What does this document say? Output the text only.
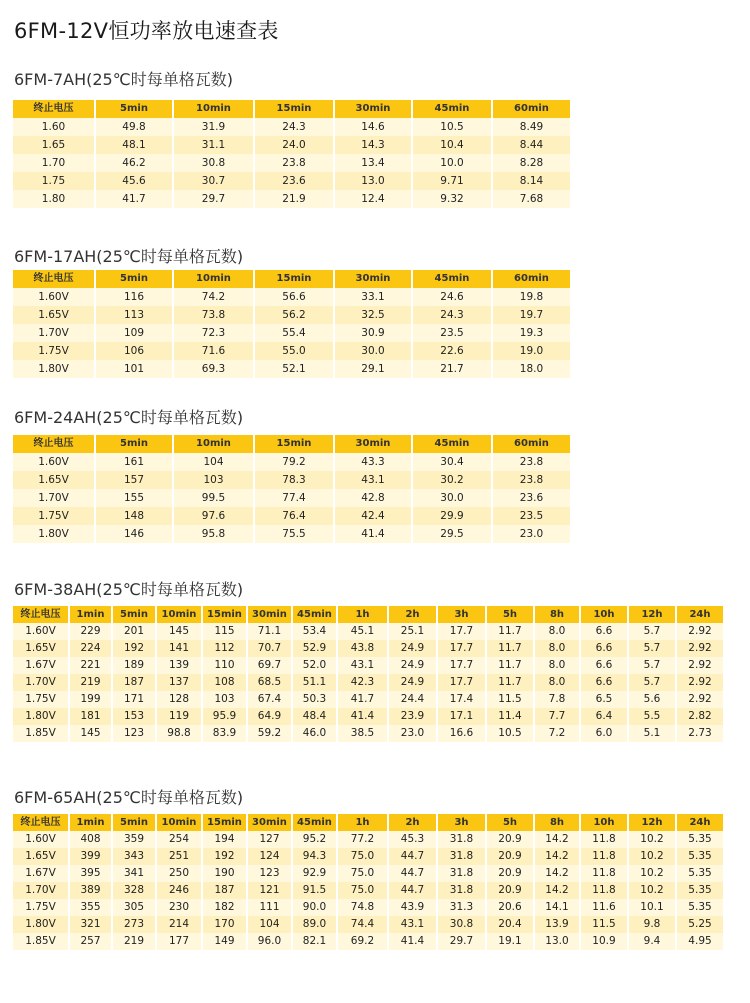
6FM-12V恒功率放电速查表
6FM-7AH(25℃时每单格瓦数)
终止电压	5min	10min	15min	30min	45min	60min
1.60	49.8	31.9	24.3	14.6	10.5	8.49
1.65	48.1	31.1	24.0	14.3	10.4	8.44
1.70	46.2	30.8	23.8	13.4	10.0	8.28
1.75	45.6	30.7	23.6	13.0	9.71	8.14
1.80	41.7	29.7	21.9	12.4	9.32	7.68
6FM-17AH(25℃时每单格瓦数)
终止电压	5min	10min	15min	30min	45min	60min
1.60V	116	74.2	56.6	33.1	24.6	19.8
1.65V	113	73.8	56.2	32.5	24.3	19.7
1.70V	109	72.3	55.4	30.9	23.5	19.3
1.75V	106	71.6	55.0	30.0	22.6	19.0
1.80V	101	69.3	52.1	29.1	21.7	18.0
6FM-24AH(25℃时每单格瓦数)
终止电压	5min	10min	15min	30min	45min	60min
1.60V	161	104	79.2	43.3	30.4	23.8
1.65V	157	103	78.3	43.1	30.2	23.8
1.70V	155	99.5	77.4	42.8	30.0	23.6
1.75V	148	97.6	76.4	42.4	29.9	23.5
1.80V	146	95.8	75.5	41.4	29.5	23.0
6FM-38AH(25℃时每单格瓦数)
终止电压	1min	5min	10min	15min	30min	45min	1h	2h	3h	5h	8h	10h	12h	24h
1.60V	229	201	145	115	71.1	53.4	45.1	25.1	17.7	11.7	8.0	6.6	5.7	2.92
1.65V	224	192	141	112	70.7	52.9	43.8	24.9	17.7	11.7	8.0	6.6	5.7	2.92
1.67V	221	189	139	110	69.7	52.0	43.1	24.9	17.7	11.7	8.0	6.6	5.7	2.92
1.70V	219	187	137	108	68.5	51.1	42.3	24.9	17.7	11.7	8.0	6.6	5.7	2.92
1.75V	199	171	128	103	67.4	50.3	41.7	24.4	17.4	11.5	7.8	6.5	5.6	2.92
1.80V	181	153	119	95.9	64.9	48.4	41.4	23.9	17.1	11.4	7.7	6.4	5.5	2.82
1.85V	145	123	98.8	83.9	59.2	46.0	38.5	23.0	16.6	10.5	7.2	6.0	5.1	2.73
6FM-65AH(25℃时每单格瓦数)
终止电压	1min	5min	10min	15min	30min	45min	1h	2h	3h	5h	8h	10h	12h	24h
1.60V	408	359	254	194	127	95.2	77.2	45.3	31.8	20.9	14.2	11.8	10.2	5.35
1.65V	399	343	251	192	124	94.3	75.0	44.7	31.8	20.9	14.2	11.8	10.2	5.35
1.67V	395	341	250	190	123	92.9	75.0	44.7	31.8	20.9	14.2	11.8	10.2	5.35
1.70V	389	328	246	187	121	91.5	75.0	44.7	31.8	20.9	14.2	11.8	10.2	5.35
1.75V	355	305	230	182	111	90.0	74.8	43.9	31.3	20.6	14.1	11.6	10.1	5.35
1.80V	321	273	214	170	104	89.0	74.4	43.1	30.8	20.4	13.9	11.5	9.8	5.25
1.85V	257	219	177	149	96.0	82.1	69.2	41.4	29.7	19.1	13.0	10.9	9.4	4.95
